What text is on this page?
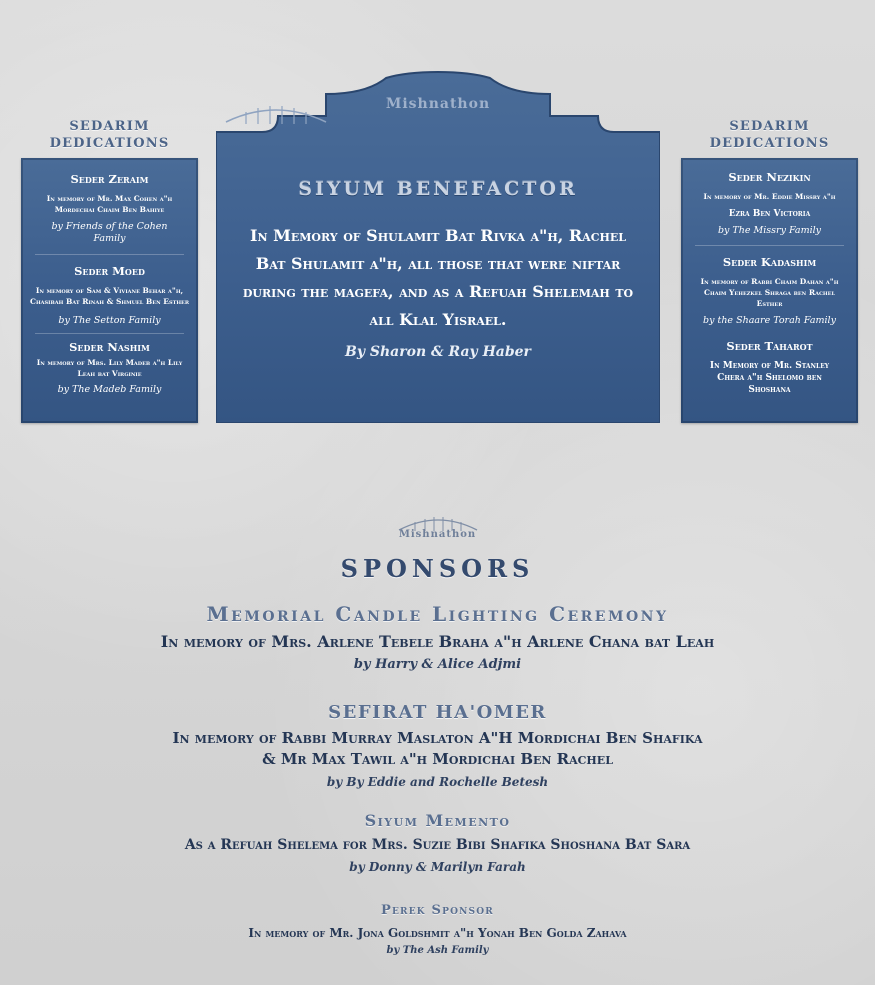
SEDARIM
DEDICATIONS
SEDARIM
DEDICATIONS
Seder Zeraim
In memory of Mr. Max Cohen a"h Mordechai Chaim Ben Bahiye
by Friends of the Cohen Family
Seder Moed
In memory of Sam & Viviane Behar a"h, Chasibah Bat Rinah & Shmuel Ben Esther
by The Setton Family
Seder Nashim
In memory of Mrs. Lily Madeb a"h Lily Leah bat Virginie
by The Madeb Family
Seder Nezikin
In memory of Mr. Eddie Missry a"h
Ezra Ben Victoria
by The Missry Family
Seder Kadashim
In memory of Rabbi Chaim Dahan a"h Chaim Yehezkel Shraga ben Rachel Esther
by the Shaare Torah Family
Seder Taharot
In Memory of Mr. Stanley Chera a"h Shelomo ben Shoshana
Mishnathon
SIYUM BENEFACTOR
In Memory of Shulamit Bat Rivka a"h, Rachel Bat Shulamit a"h, all those that were niftar during the magefa, and as a Refuah Shelemah to all Klal Yisrael.
By Sharon & Ray Haber
Mishnathon
SPONSORS
Memorial Candle Lighting Ceremony
In memory of Mrs. Arlene Tebele Braha a"h Arlene Chana bat Leah
by Harry & Alice Adjmi
SEFIRAT HA'OMER
In memory of Rabbi Murray Maslaton A"H Mordichai Ben Shafika
& Mr Max Tawil a"h Mordichai Ben Rachel
by By Eddie and Rochelle Betesh
Siyum Memento
As a Refuah Shelema for Mrs. Suzie Bibi Shafika Shoshana Bat Sara
by Donny & Marilyn Farah
Perek Sponsor
In memory of Mr. Jona Goldshmit a"h Yonah Ben Golda Zahava
by The Ash Family
